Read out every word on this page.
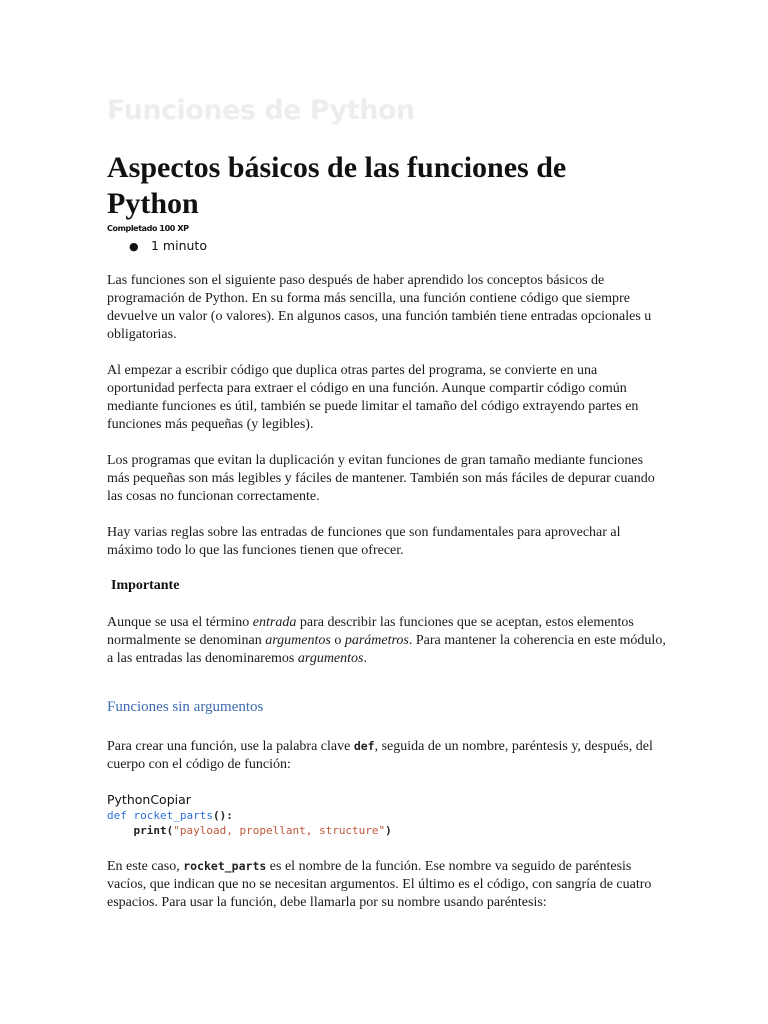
Funciones de Python
Aspectos básicos de las funciones de Python
Completado 100 XP
● 1 minuto

Las funciones son el siguiente paso después de haber aprendido los conceptos básicos de programación de Python. En su forma más sencilla, una función contiene código que siempre devuelve un valor (o valores). En algunos casos, una función también tiene entradas opcionales u obligatorias.

Al empezar a escribir código que duplica otras partes del programa, se convierte en una oportunidad perfecta para extraer el código en una función. Aunque compartir código común mediante funciones es útil, también se puede limitar el tamaño del código extrayendo partes en funciones más pequeñas (y legibles).

Los programas que evitan la duplicación y evitan funciones de gran tamaño mediante funciones más pequeñas son más legibles y fáciles de mantener. También son más fáciles de depurar cuando las cosas no funcionan correctamente.

Hay varias reglas sobre las entradas de funciones que son fundamentales para aprovechar al máximo todo lo que las funciones tienen que ofrecer.

Importante

Aunque se usa el término entrada para describir las funciones que se aceptan, estos elementos normalmente se denominan argumentos o parámetros. Para mantener la coherencia en este módulo, a las entradas las denominaremos argumentos.

Funciones sin argumentos

Para crear una función, use la palabra clave def, seguida de un nombre, paréntesis y, después, del cuerpo con el código de función:

PythonCopiar
def rocket_parts():
print("payload, propellant, structure")

En este caso, rocket_parts es el nombre de la función. Ese nombre va seguido de paréntesis vacíos, que indican que no se necesitan argumentos. El último es el código, con sangría de cuatro espacios. Para usar la función, debe llamarla por su nombre usando paréntesis:
